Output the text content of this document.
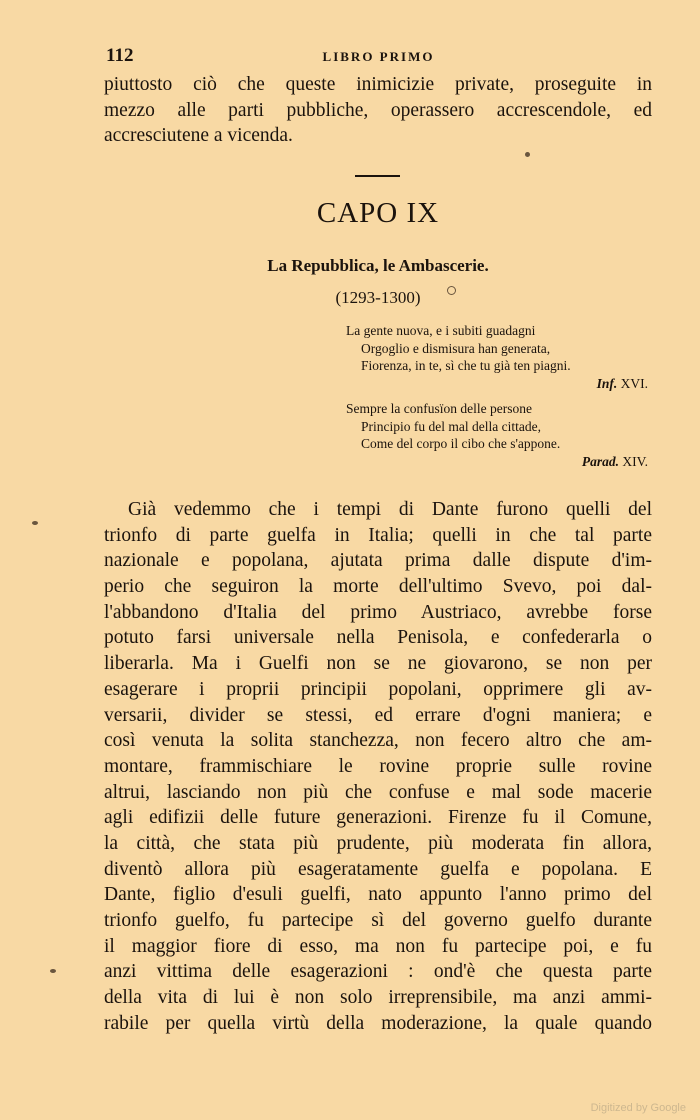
112	LIBRO PRIMO
piuttosto ciò che queste inimicizie private, proseguite in
mezzo alle parti pubbliche, operassero accrescendole, ed
accresciutene a vicenda.
CAPO IX
La Repubblica, le Ambascerie.
(1293-1300)
La gente nuova, e i subiti guadagni
Orgoglio e dismisura han generata,
Fiorenza, in te, sì che tu già ten piagni.
Inf. XVI.
Sempre la confusïon delle persone
Principio fu del mal della cittade,
Come del corpo il cibo che s'appone.
Parad. XIV.
Già vedemmo che i tempi di Dante furono quelli del
trionfo di parte guelfa in Italia; quelli in che tal parte
nazionale e popolana, ajutata prima dalle dispute d'im-
perio che seguiron la morte dell'ultimo Svevo, poi dal-
l'abbandono d'Italia del primo Austriaco, avrebbe forse
potuto farsi universale nella Penisola, e confederarla o
liberarla. Ma i Guelfi non se ne giovarono, se non per
esagerare i proprii principii popolani, opprimere gli av-
versarii, divider se stessi, ed errare d'ogni maniera; e
così venuta la solita stanchezza, non fecero altro che am-
montare, frammischiare le rovine proprie sulle rovine
altrui, lasciando non più che confuse e mal sode macerie
agli edifizii delle future generazioni. Firenze fu il Comune,
la città, che stata più prudente, più moderata fin allora,
diventò allora più esageratamente guelfa e popolana. E
Dante, figlio d'esuli guelfi, nato appunto l'anno primo del
trionfo guelfo, fu partecipe sì del governo guelfo durante
il maggior fiore di esso, ma non fu partecipe poi, e fu
anzi vittima delle esagerazioni : ond'è che questa parte
della vita di lui è non solo irreprensibile, ma anzi ammi-
rabile per quella virtù della moderazione, la quale quando
Digitized by Google
